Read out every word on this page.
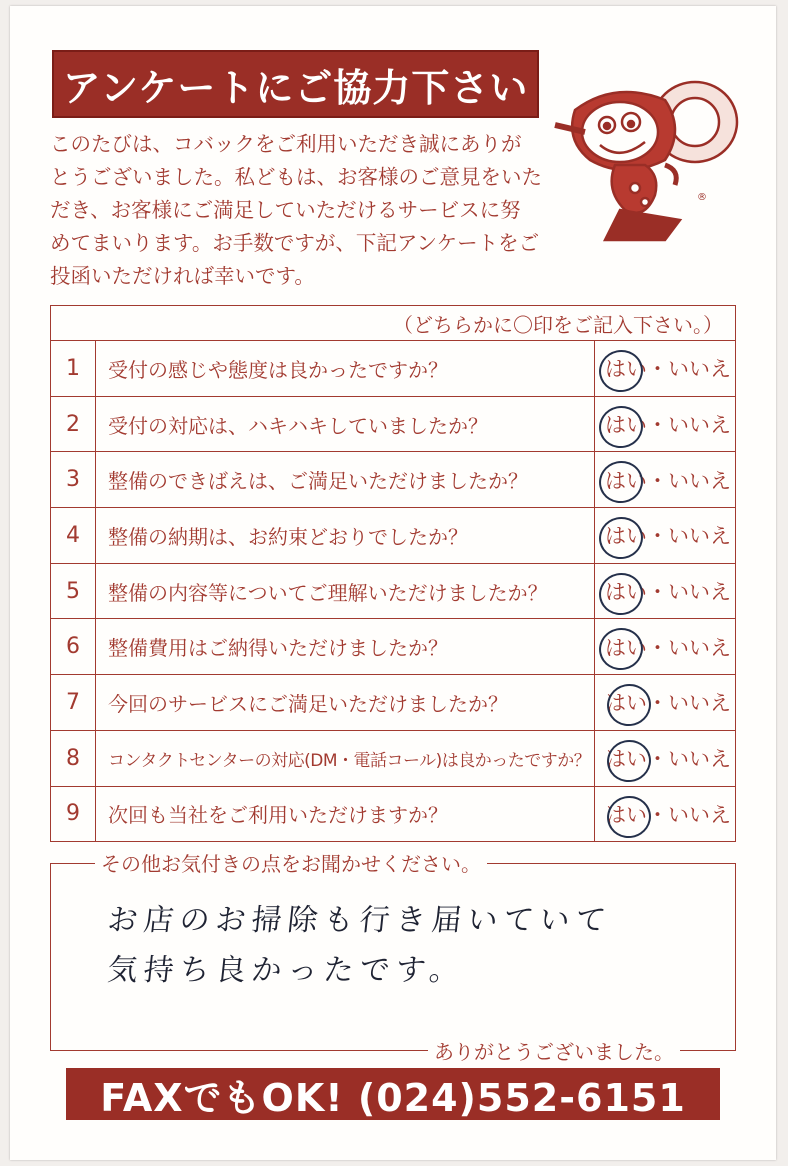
アンケートにご協力下さい
このたびは、コバックをご利用いただき誠にありが
とうございました。私どもは、お客様のご意見をいた
だき、お客様にご満足していただけるサービスに努
めてまいります。お手数ですが、下記アンケートをご
投函いただければ幸いです。
®
（どちらかに〇印をご記入下さい。）
1	受付の感じや態度は良かったですか？	はい・いいえ
2	受付の対応は、ハキハキしていましたか？	はい・いいえ
3	整備のできばえは、ご満足いただけましたか？	はい・いいえ
4	整備の納期は、お約束どおりでしたか？	はい・いいえ
5	整備の内容等についてご理解いただけましたか？	はい・いいえ
6	整備費用はご納得いただけましたか？	はい・いいえ
7	今回のサービスにご満足いただけましたか？	はい・いいえ
8	コンタクトセンターの対応(DM・電話コール)は良かったですか？ はい・いいえ
9	次回も当社をご利用いただけますか？	はい・いいえ
その他お気付きの点をお聞かせください。
お店のお掃除も行き届いていて
気持ち良かったです。
ありがとうございました。
FAXでもOK! (024)552-6151
